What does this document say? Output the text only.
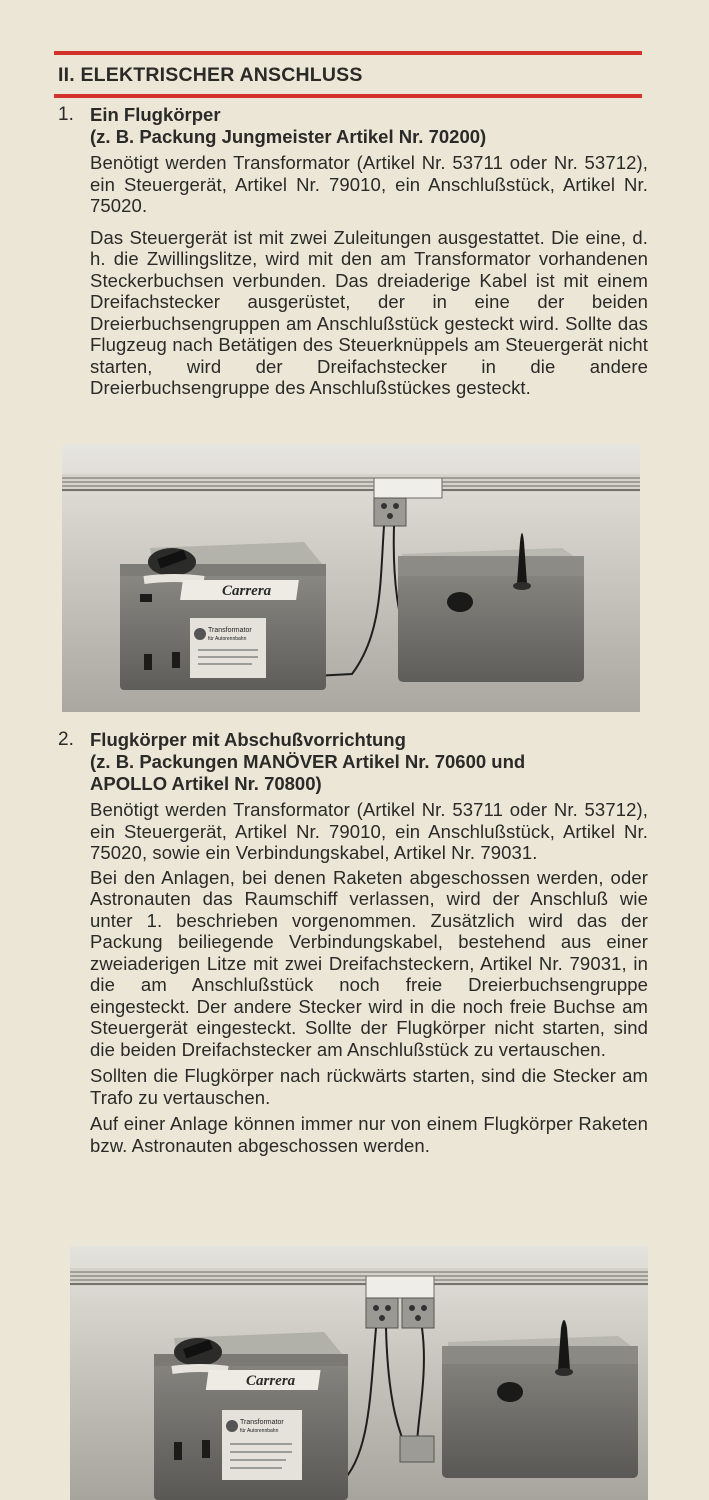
II. ELEKTRISCHER ANSCHLUSS
1. Ein Flugkörper
(z. B. Packung Jungmeister Artikel Nr. 70200)

Benötigt werden Transformator (Artikel Nr. 53711 oder Nr. 53712), ein Steuergerät, Artikel Nr. 79010, ein Anschlußstück, Artikel Nr. 75020.

Das Steuergerät ist mit zwei Zuleitungen ausgestattet. Die eine, d. h. die Zwillingslitze, wird mit den am Transformator vorhandenen Steckerbuchsen verbunden. Das dreiaderige Kabel ist mit einem Dreifachstecker ausgerüstet, der in eine der beiden Dreierbuchsengruppen am Anschlußstück gesteckt wird. Sollte das Flugzeug nach Betätigen des Steuerknüppels am Steuergerät nicht starten, wird der Dreifachstecker in die andere Dreierbuchsengruppe des Anschlußstückes gesteckt.

Carrera
Transformator
für Autorennbahn
2. Flugkörper mit Abschußvorrichtung
(z. B. Packungen MANÖVER Artikel Nr. 70600 und
APOLLO Artikel Nr. 70800)

Benötigt werden Transformator (Artikel Nr. 53711 oder Nr. 53712), ein Steuergerät, Artikel Nr. 79010, ein Anschlußstück, Artikel Nr. 75020, sowie ein Verbindungskabel, Artikel Nr. 79031.

Bei den Anlagen, bei denen Raketen abgeschossen werden, oder Astronauten das Raumschiff verlassen, wird der Anschluß wie unter 1. beschrieben vorgenommen. Zusätzlich wird das der Packung beiliegende Verbindungskabel, bestehend aus einer zweiaderigen Litze mit zwei Dreifachsteckern, Artikel Nr. 79031, in die am Anschlußstück noch freie Dreierbuchsengruppe eingesteckt. Der andere Stecker wird in die noch freie Buchse am Steuergerät eingesteckt. Sollte der Flugkörper nicht starten, sind die beiden Dreifachstecker am Anschlußstück zu vertauschen.

Sollten die Flugkörper nach rückwärts starten, sind die Stecker am Trafo zu vertauschen.

Auf einer Anlage können immer nur von einem Flugkörper Raketen bzw. Astronauten abgeschossen werden.

Carrera
Transformator
für Autorennbahn
